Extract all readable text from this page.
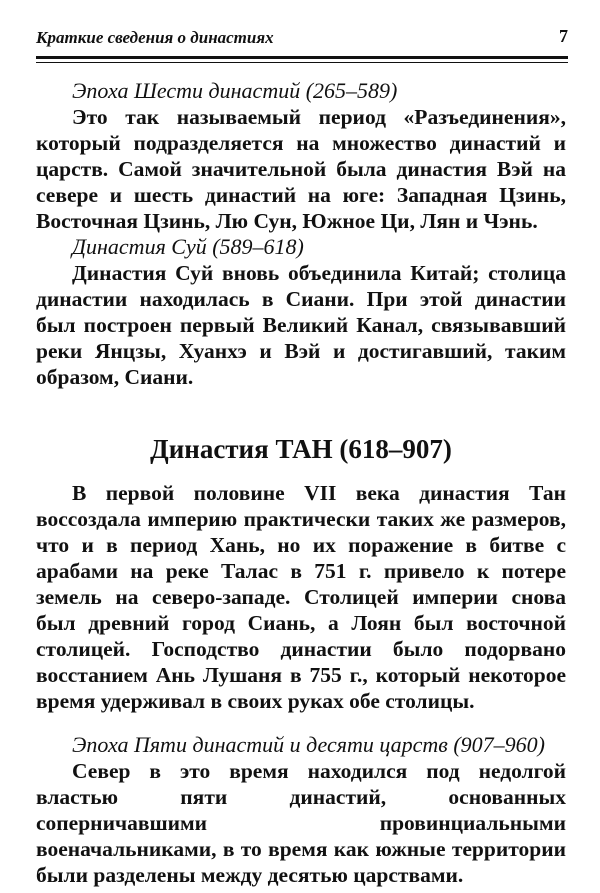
Краткие сведения о династиях	7

Эпоха Шести династий (265–589)

Это так называемый период «Разъединения», который подразделяется на множество династий и царств. Самой значительной была династия Вэй на севере и шесть династий на юге: Западная Цзинь, Восточная Цзинь, Лю Сун, Южное Ци, Лян и Чэнь.

Династия Суй (589–618)

Династия Суй вновь объединила Китай; столица династии находилась в Сиани. При этой династии был построен первый Великий Канал, связывавший реки Янцзы, Хуанхэ и Вэй и достигавший, таким образом, Сиани.

Династия ТАН (618–907)

В первой половине VII века династия Тан воссоздала империю практически таких же размеров, что и в период Хань, но их поражение в битве с арабами на реке Талас в 751 г. привело к потере земель на северо-западе. Столицей империи снова был древний город Сиань, а Лоян был восточной столицей. Господство династии было подорвано восстанием Ань Лушаня в 755 г., который некоторое время удерживал в своих руках обе столицы.

Эпоха Пяти династий и десяти царств (907–960)

Север в это время находился под недолгой властью пяти династий, основанных соперничавшими провинциальными военачальниками, в то время как южные территории были разделены между десятью царствами.
